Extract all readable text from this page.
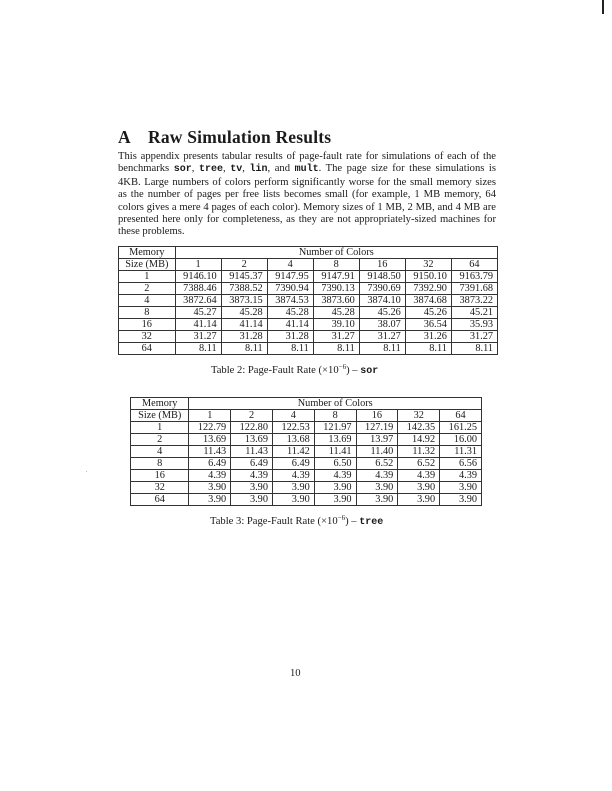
A Raw Simulation Results

This appendix presents tabular results of page-fault rate for simulations of each of the benchmarks sor, tree, tv, lin, and mult. The page size for these simulations is 4KB. Large numbers of colors perform significantly worse for the small memory sizes as the number of pages per free lists becomes small (for example, 1 MB memory, 64 colors gives a mere 4 pages of each color). Memory sizes of 1 MB, 2 MB, and 4 MB are presented here only for completeness, as they are not appropriately-sized machines for these problems.

Memory	Number of Colors						
Size (MB)	1	2	4	8	16	32	64
1	9146.10	9145.37	9147.95	9147.91	9148.50	9150.10	9163.79
2	7388.46	7388.52	7390.94	7390.13	7390.69	7392.90	7391.68
4	3872.64	3873.15	3874.53	3873.60	3874.10	3874.68	3873.22
8	45.27	45.28	45.28	45.28	45.26	45.26	45.21
16	41.14	41.14	41.14	39.10	38.07	36.54	35.93
32	31.27	31.28	31.28	31.27	31.27	31.26	31.27
64	8.11	8.11	8.11	8.11	8.11	8.11	8.11

Table 2: Page-Fault Rate $(\times 10^{-6})$ – sor

Memory	Number of Colors						
Size (MB)	1	2	4	8	16	32	64
1	122.79	122.80	122.53	121.97	127.19	142.35	161.25
2	13.69	13.69	13.68	13.69	13.97	14.92	16.00
4	11.43	11.43	11.42	11.41	11.40	11.32	11.31
8	6.49	6.49	6.49	6.50	6.52	6.52	6.56
16	4.39	4.39	4.39	4.39	4.39	4.39	4.39
32	3.90	3.90	3.90	3.90	3.90	3.90	3.90
64	3.90	3.90	3.90	3.90	3.90	3.90	3.90

Table 3: Page-Fault Rate $(\times 10^{-6})$ – tree

10
